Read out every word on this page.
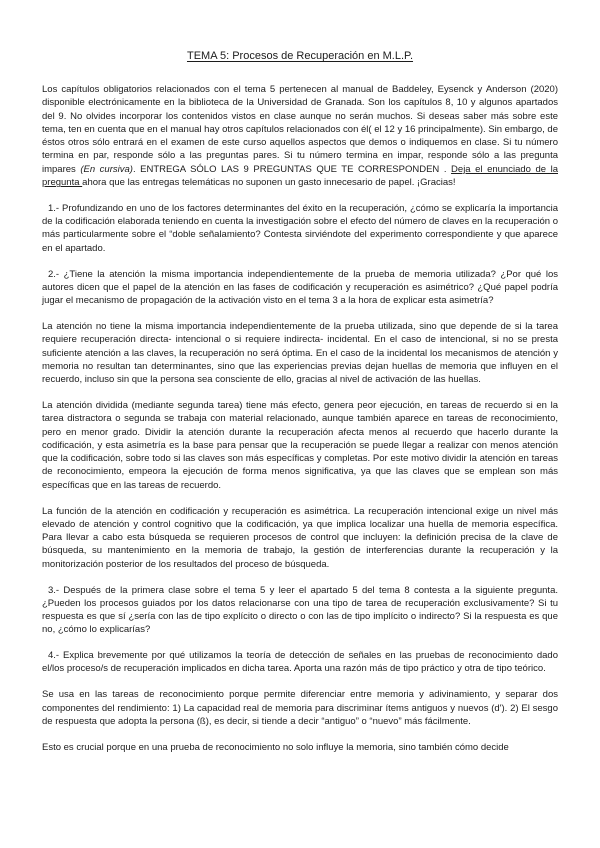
TEMA 5: Procesos de Recuperación en M.L.P.

Los capítulos obligatorios relacionados con el tema 5 pertenecen al manual de Baddeley, Eysenck y Anderson (2020) disponible electrónicamente en la biblioteca de la Universidad de Granada. Son los capítulos 8, 10 y algunos apartados del 9. No olvides incorporar los contenidos vistos en clase aunque no serán muchos. Si deseas saber más sobre este tema, ten en cuenta que en el manual hay otros capítulos relacionados con él( el 12 y 16 principalmente). Sin embargo, de éstos otros sólo entrará en el examen de este curso aquellos aspectos que demos o indiquemos en clase. Si tu número termina en par, responde sólo a las preguntas pares. Si tu número termina en impar, responde sólo a las pregunta impares (En cursiva). ENTREGA SÓLO LAS 9 PREGUNTAS QUE TE CORRESPONDEN . Deja el enunciado de la pregunta ahora que las entregas telemáticas no suponen un gasto innecesario de papel. ¡Gracias!

1.- Profundizando en uno de los factores determinantes del éxito en la recuperación, ¿cómo se explicaría la importancia de la codificación elaborada teniendo en cuenta la investigación sobre el efecto del número de claves en la recuperación o más particularmente sobre el “doble señalamiento? Contesta sirviéndote del experimento correspondiente y que aparece en el apartado.

2.- ¿Tiene la atención la misma importancia independientemente de la prueba de memoria utilizada? ¿Por qué los autores dicen que el papel de la atención en las fases de codificación y recuperación es asimétrico? ¿Qué papel podría jugar el mecanismo de propagación de la activación visto en el tema 3 a la hora de explicar esta asimetría?

La atención no tiene la misma importancia independientemente de la prueba utilizada, sino que depende de si la tarea requiere recuperación directa- intencional o si requiere indirecta- incidental. En el caso de intencional, si no se presta suficiente atención a las claves, la recuperación no será óptima. En el caso de la incidental los mecanismos de atención y memoria no resultan tan determinantes, sino que las experiencias previas dejan huellas de memoria que influyen en el recuerdo, incluso sin que la persona sea consciente de ello, gracias al nivel de activación de las huellas.

La atención dividida (mediante segunda tarea) tiene más efecto, genera peor ejecución, en tareas de recuerdo si en la tarea distractora o segunda se trabaja con material relacionado, aunque también aparece en tareas de reconocimiento, pero en menor grado. Dividir la atención durante la recuperación afecta menos al recuerdo que hacerlo durante la codificación, y esta asimetría es la base para pensar que la recuperación se puede llegar a realizar con menos atención que la codificación, sobre todo si las claves son más específicas y completas. Por este motivo dividir la atención en tareas de reconocimiento, empeora la ejecución de forma menos significativa, ya que las claves que se emplean son más específicas que en las tareas de recuerdo.

La función de la atención en codificación y recuperación es asimétrica. La recuperación intencional exige un nivel más elevado de atención y control cognitivo que la codificación, ya que implica localizar una huella de memoria específica. Para llevar a cabo esta búsqueda se requieren procesos de control que incluyen: la definición precisa de la clave de búsqueda, su mantenimiento en la memoria de trabajo, la gestión de interferencias durante la recuperación y la monitorización posterior de los resultados del proceso de búsqueda.

3.- Después de la primera clase sobre el tema 5 y leer el apartado 5 del tema 8 contesta a la siguiente pregunta. ¿Pueden los procesos guiados por los datos relacionarse con una tipo de tarea de recuperación exclusivamente? Si tu respuesta es que sí ¿sería con las de tipo explícito o directo o con las de tipo implícito o indirecto? Si la respuesta es que no, ¿cómo lo explicarías?

4.- Explica brevemente por qué utilizamos la teoría de detección de señales en las pruebas de reconocimiento dado el/los proceso/s de recuperación implicados en dicha tarea. Aporta una razón más de tipo práctico y otra de tipo teórico.

Se usa en las tareas de reconocimiento porque permite diferenciar entre memoria y adivinamiento, y separar dos componentes del rendimiento: 1) La capacidad real de memoria para discriminar ítems antiguos y nuevos (d'). 2) El sesgo de respuesta que adopta la persona (ß), es decir, si tiende a decir “antiguo” o “nuevo” más fácilmente.

Esto es crucial porque en una prueba de reconocimiento no solo influye la memoria, sino también cómo decide
